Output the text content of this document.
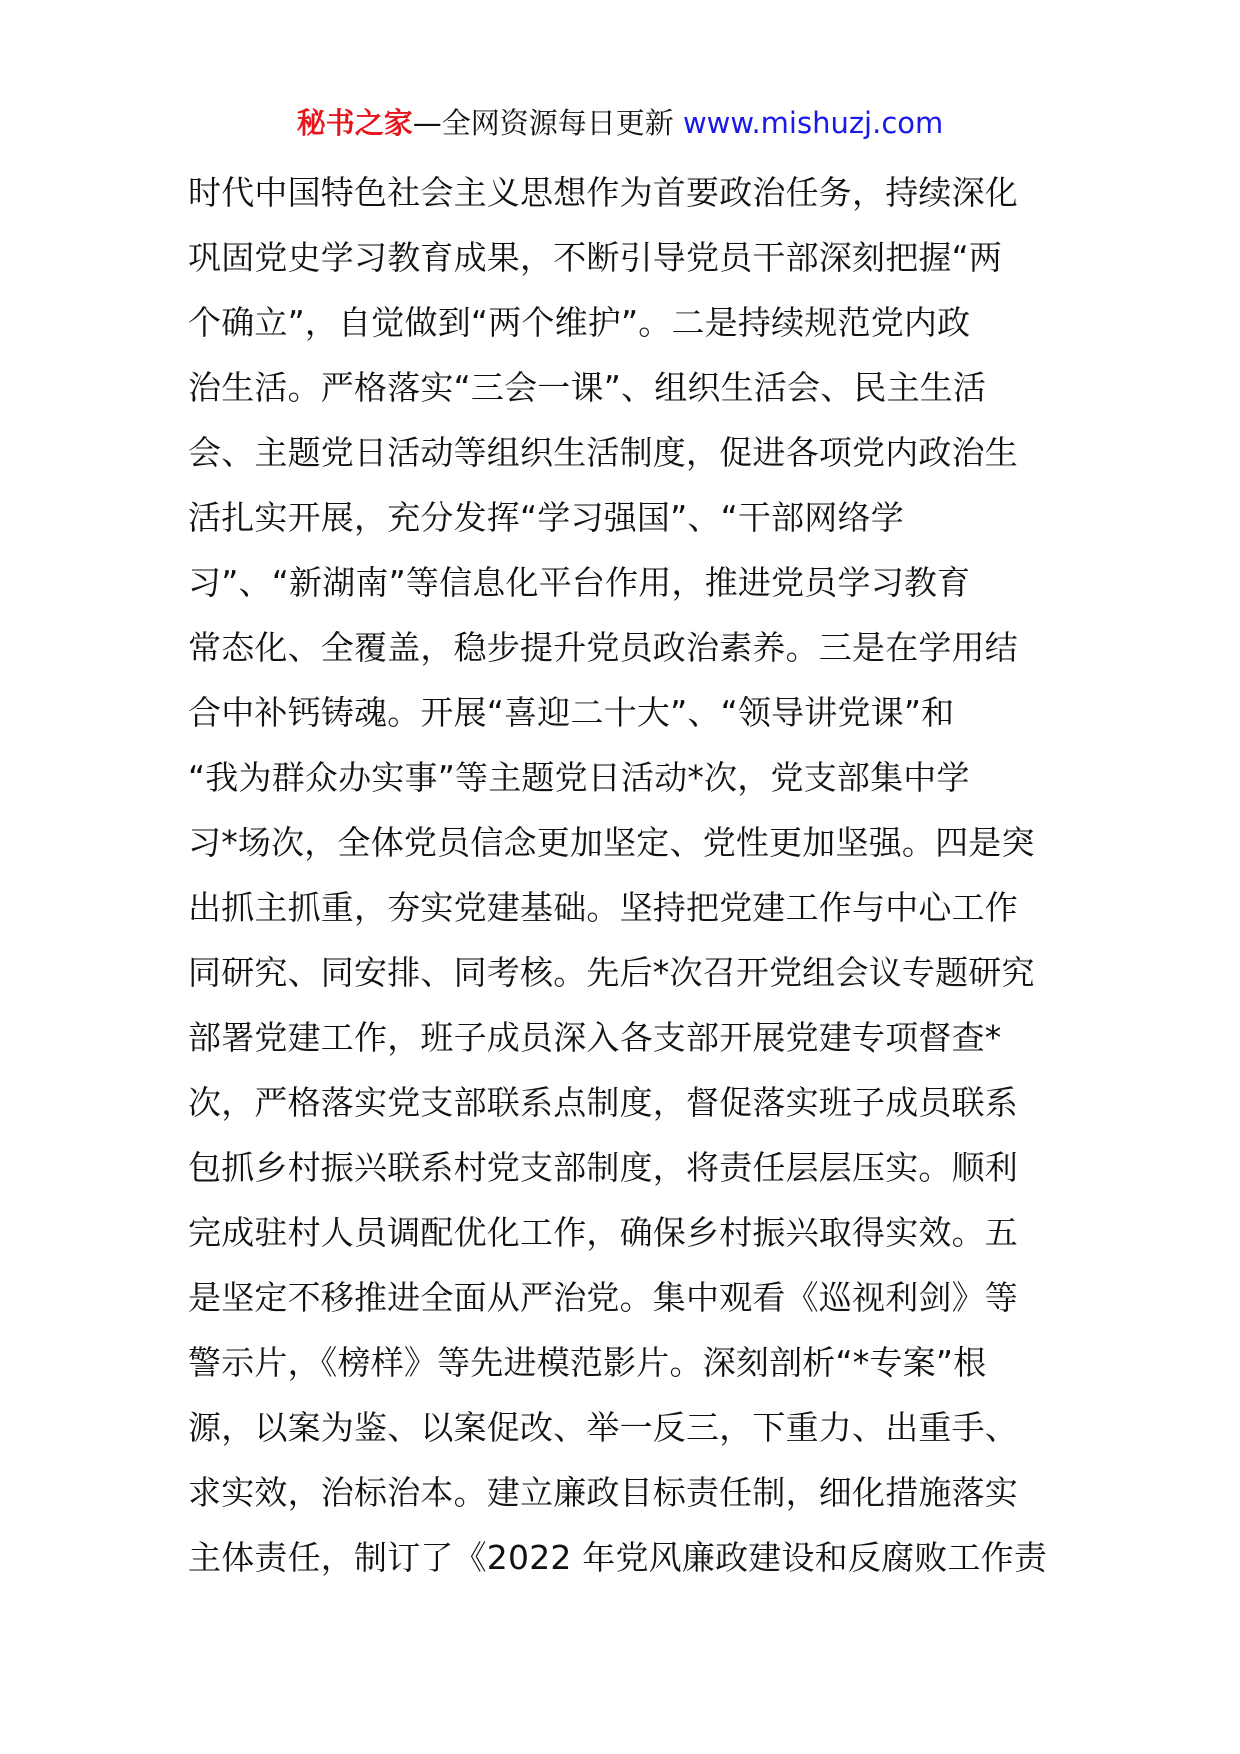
秘书之家—全网资源每日更新 www.mishuzj.com
时代中国特色社会主义思想作为首要政治任务，持续深化
巩固党史学习教育成果，不断引导党员干部深刻把握“两
个确立”，自觉做到“两个维护”。二是持续规范党内政
治生活。严格落实“三会一课”、组织生活会、民主生活
会、主题党日活动等组织生活制度，促进各项党内政治生
活扎实开展，充分发挥“学习强国”、“干部网络学
习”、“新湖南”等信息化平台作用，推进党员学习教育
常态化、全覆盖，稳步提升党员政治素养。三是在学用结
合中补钙铸魂。开展“喜迎二十大”、“领导讲党课”和
“我为群众办实事”等主题党日活动*次，党支部集中学
习*场次，全体党员信念更加坚定、党性更加坚强。四是突
出抓主抓重，夯实党建基础。坚持把党建工作与中心工作
同研究、同安排、同考核。先后*次召开党组会议专题研究
部署党建工作，班子成员深入各支部开展党建专项督查*
次，严格落实党支部联系点制度，督促落实班子成员联系
包抓乡村振兴联系村党支部制度，将责任层层压实。顺利
完成驻村人员调配优化工作，确保乡村振兴取得实效。五
是坚定不移推进全面从严治党。集中观看《巡视利剑》等
警示片，《榜样》等先进模范影片。深刻剖析“*专案”根
源，以案为鉴、以案促改、举一反三，下重力、出重手、
求实效，治标治本。建立廉政目标责任制，细化措施落实
主体责任，制订了《2022 年党风廉政建设和反腐败工作责
